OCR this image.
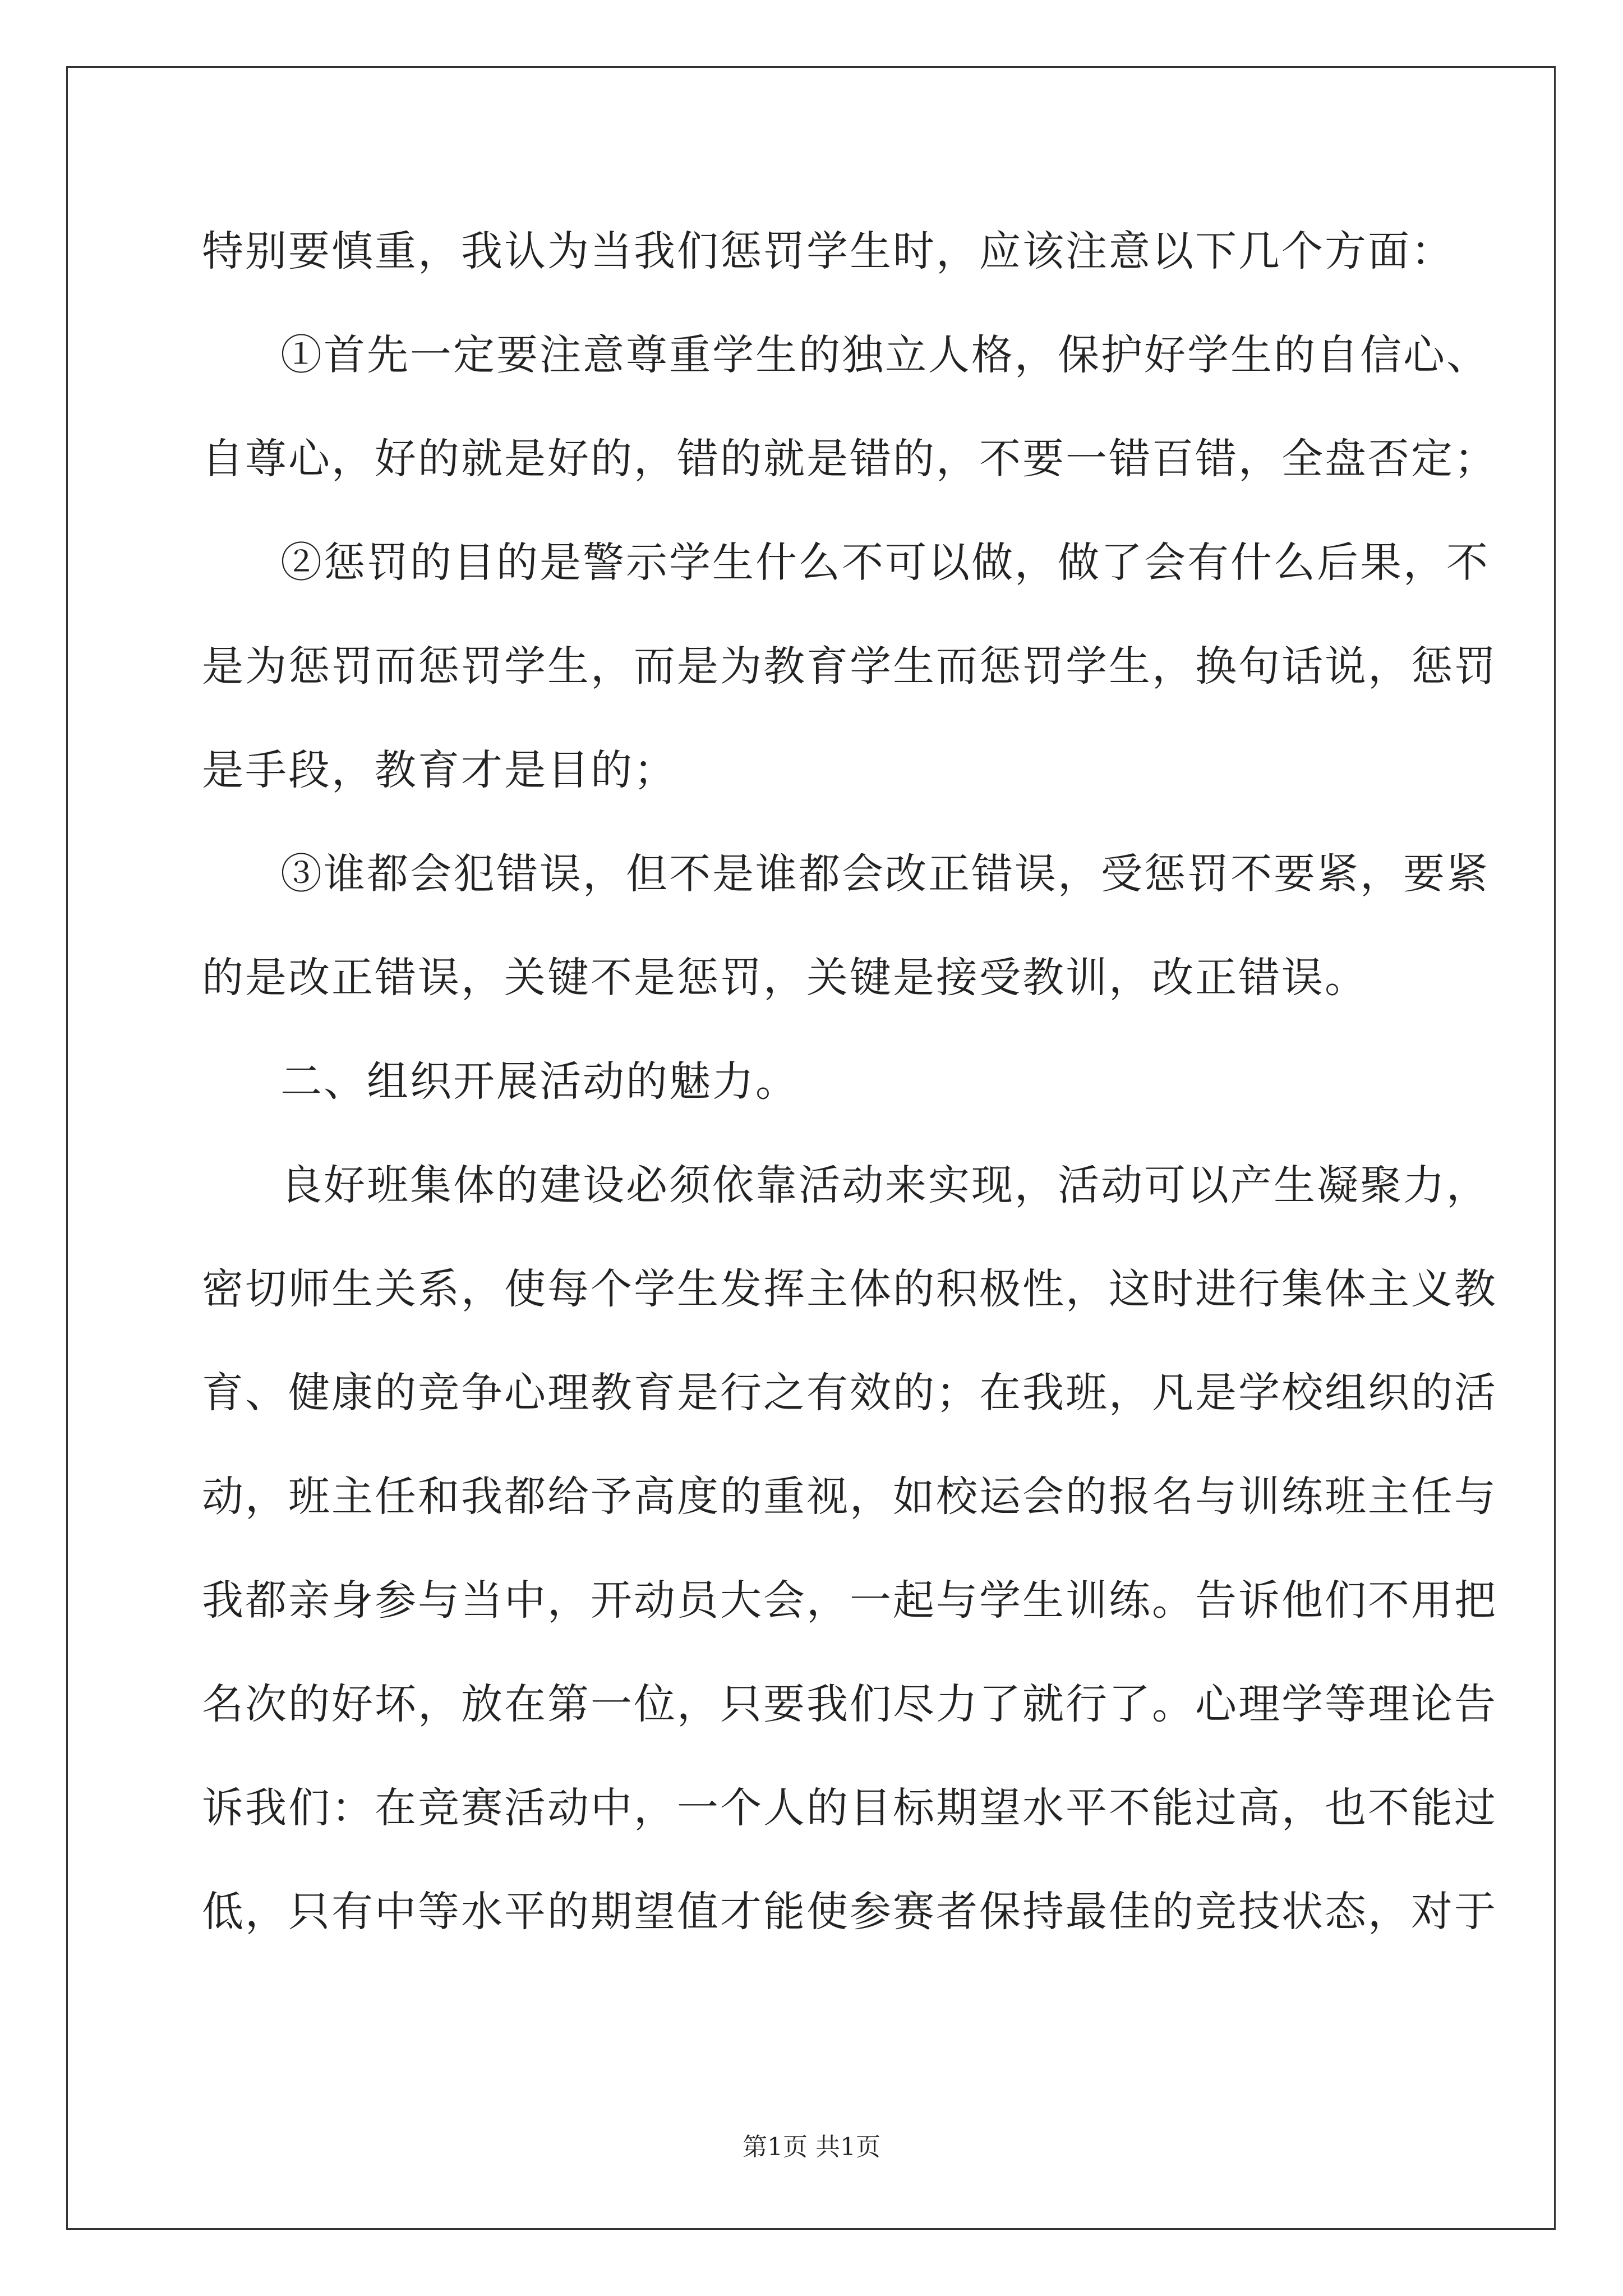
特别要慎重，我认为当我们惩罚学生时，应该注意以下几个方面：
①首先一定要注意尊重学生的独立人格，保护好学生的自信心、
自尊心，好的就是好的，错的就是错的，不要一错百错，全盘否定；
②惩罚的目的是警示学生什么不可以做，做了会有什么后果，不
是为惩罚而惩罚学生，而是为教育学生而惩罚学生，换句话说，惩罚
是手段，教育才是目的；
③谁都会犯错误，但不是谁都会改正错误，受惩罚不要紧，要紧
的是改正错误，关键不是惩罚，关键是接受教训，改正错误。
二、组织开展活动的魅力。
良好班集体的建设必须依靠活动来实现，活动可以产生凝聚力，
密切师生关系，使每个学生发挥主体的积极性，这时进行集体主义教
育、健康的竞争心理教育是行之有效的；在我班，凡是学校组织的活
动，班主任和我都给予高度的重视，如校运会的报名与训练班主任与
我都亲身参与当中，开动员大会，一起与学生训练。告诉他们不用把
名次的好坏，放在第一位，只要我们尽力了就行了。心理学等理论告
诉我们：在竞赛活动中，一个人的目标期望水平不能过高，也不能过
低，只有中等水平的期望值才能使参赛者保持最佳的竞技状态，对于
第1页 共1页
